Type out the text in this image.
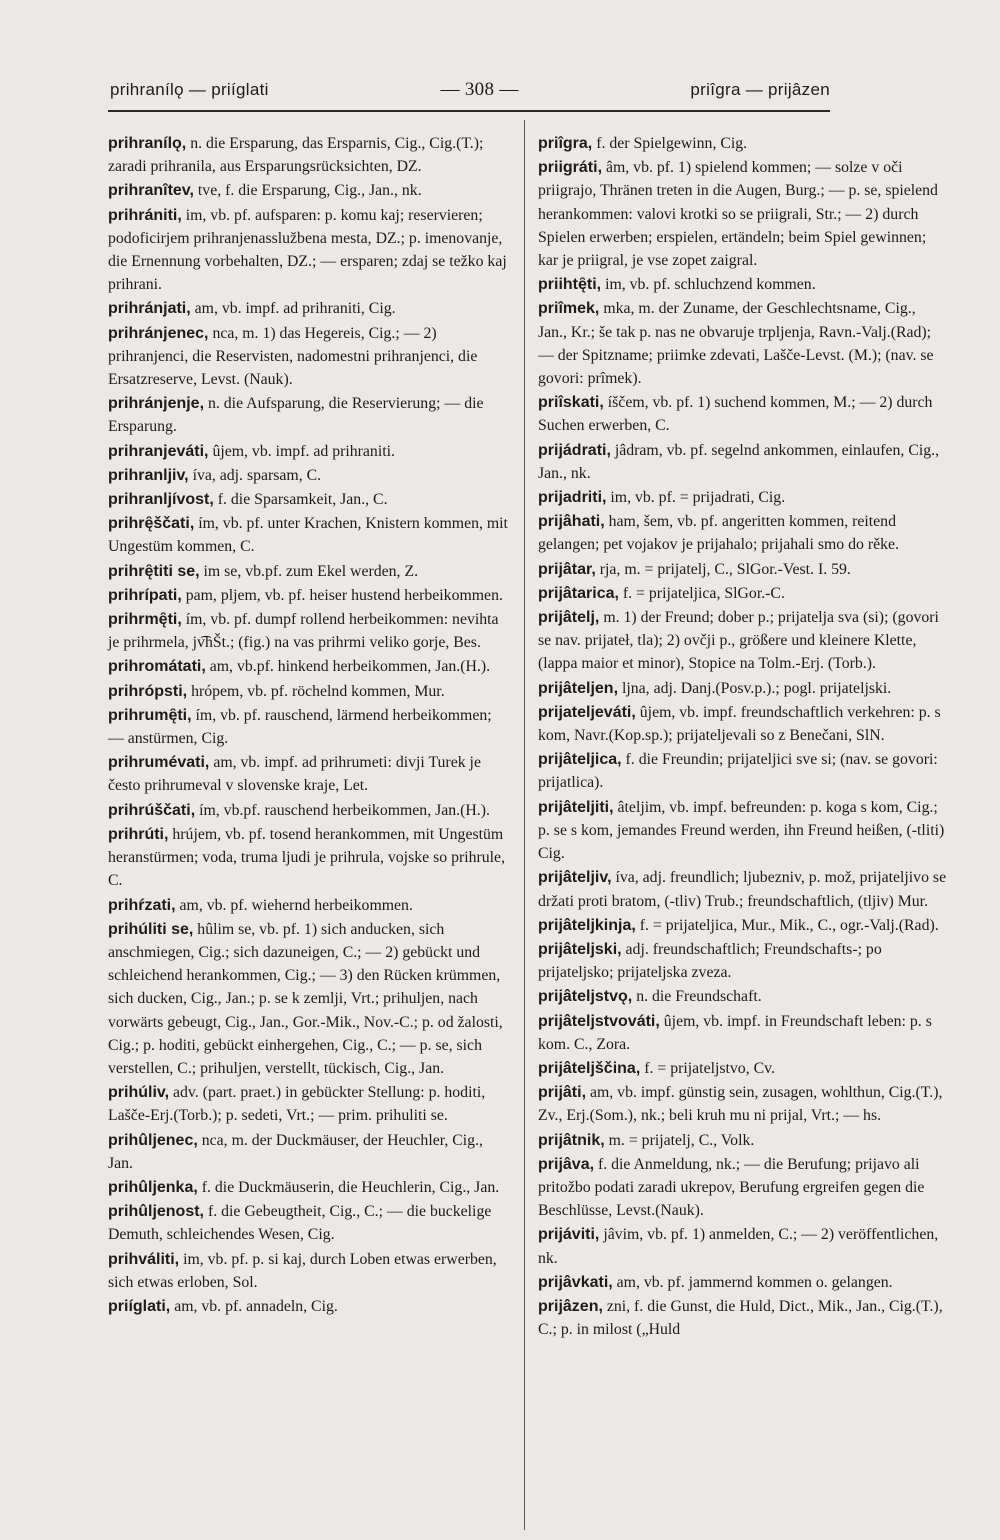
prihranílǫ — priíglati	— 308 —	priîgra — prijâzen
prihranílǫ, n. die Ersparung, das Ersparnis, Cig., Cig.(T.); zaradi prihranila, aus Ersparungsrücksichten, DZ.
prihranîtev, tve, f. die Ersparung, Cig., Jan., nk.
prihrániti, im, vb. pf. aufsparen: p. komu kaj; reservieren; podoficirjem prihranjenasslužbena mesta, DZ.; p. imenovanje, die Ernennung vorbehalten, DZ.; — ersparen; zdaj se težko kaj prihrani.
prihránjati, am, vb. impf. ad prihraniti, Cig.
prihránjenec, nca, m. 1) das Hegereis, Cig.; — 2) prihranjenci, die Reservisten, nadomestni prihranjenci, die Ersatzreserve, Levst. (Nauk).
prihránjenje, n. die Aufsparung, die Reservierung; — die Ersparung.
prihranjeváti, ûjem, vb. impf. ad prihraniti.
prihranljiv, íva, adj. sparsam, C.
prihranljívost, f. die Sparsamkeit, Jan., C.
prihrę̑ščati, ím, vb. pf. unter Krachen, Knistern kommen, mit Ungestüm kommen, C.
prihrę̑titi se, im se, vb.pf. zum Ekel werden, Z.
prihrípati, pam, pljem, vb. pf. heiser hustend herbeikommen.
prihrmę̑ti, ím, vb. pf. dumpf rollend herbeikommen: nevihta je prihrmela, jv͡hŠt.; (fig.) na vas prihrmi veliko gorje, Bes.
prihromátati, am, vb.pf. hinkend herbeikommen, Jan.(H.).
prihrópsti, hrópem, vb. pf. röchelnd kommen, Mur.
prihrumę̑ti, ím, vb. pf. rauschend, lärmend herbeikommen; — anstürmen, Cig.
prihrumévati, am, vb. impf. ad prihrumeti: divji Turek je često prihrumeval v slovenske kraje, Let.
prihrúščati, ím, vb.pf. rauschend herbeikommen, Jan.(H.).
prihrúti, hrújem, vb. pf. tosend herankommen, mit Ungestüm heranstürmen; voda, truma ljudi je prihrula, vojske so prihrule, C.
prihŕzati, am, vb. pf. wiehernd herbeikommen.
prihúliti se, hûlim se, vb. pf. 1) sich anducken, sich anschmiegen, Cig.; sich dazuneigen, C.; — 2) gebückt und schleichend herankommen, Cig.; — 3) den Rücken krümmen, sich ducken, Cig., Jan.; p. se k zemlji, Vrt.; prihuljen, nach vorwärts gebeugt, Cig., Jan., Gor.-Mik., Nov.-C.; p. od žalosti, Cig.; p. hoditi, gebückt einhergehen, Cig., C.; — p. se, sich verstellen, C.; prihuljen, verstellt, tückisch, Cig., Jan.
prihúliv, adv. (part. praet.) in gebückter Stellung: p. hoditi, Lašče-Erj.(Torb.); p. sedeti, Vrt.; — prim. prihuliti se.
prihûljenec, nca, m. der Duckmäuser, der Heuchler, Cig., Jan.
prihûljenka, f. die Duckmäuserin, die Heuchlerin, Cig., Jan.
prihûljenost, f. die Gebeugtheit, Cig., C.; — die buckelige Demuth, schleichendes Wesen, Cig.
prihváliti, im, vb. pf. p. si kaj, durch Loben etwas erwerben, sich etwas erloben, Sol.
priíglati, am, vb. pf. annadeln, Cig.
priîgra, f. der Spielgewinn, Cig.
priigráti, âm, vb. pf. 1) spielend kommen; — solze v oči priigrajo, Thränen treten in die Augen, Burg.; — p. se, spielend herankommen: valovi krotki so se priigrali, Str.; — 2) durch Spielen erwerben; erspielen, ertändeln; beim Spiel gewinnen; kar je priigral, je vse zopet zaigral.
priihtę̑ti, im, vb. pf. schluchzend kommen.
priîmek, mka, m. der Zuname, der Geschlechtsname, Cig., Jan., Kr.; še tak p. nas ne obvaruje trpljenja, Ravn.-Valj.(Rad); — der Spitzname; priimke zdevati, Lašče-Levst. (M.); (nav. se govori: prîmek).
priîskati, íščem, vb. pf. 1) suchend kommen, M.; — 2) durch Suchen erwerben, C.
prijádrati, jâdram, vb. pf. segelnd ankommen, einlaufen, Cig., Jan., nk.
prijadriti, im, vb. pf. = prijadrati, Cig.
prijâhati, ham, šem, vb. pf. angeritten kommen, reitend gelangen; pet vojakov je prijahalo; prijahali smo do rěke.
prijâtar, rja, m. = prijatelj, C., SlGor.-Vest. I. 59.
prijâtarica, f. = prijateljica, SlGor.-C.
prijâtelj, m. 1) der Freund; dober p.; prijatelja sva (si); (govori se nav. prijateł, tla); 2) ovčji p., größere und kleinere Klette, (lappa maior et minor), Stopice na Tolm.-Erj. (Torb.).
prijâteljen, ljna, adj. Danj.(Posv.p.).; pogl. prijateljski.
prijateljeváti, ûjem, vb. impf. freundschaftlich verkehren: p. s kom, Navr.(Kop.sp.); prijateljevali so z Benečani, SlN.
prijâteljica, f. die Freundin; prijateljici sve si; (nav. se govori: prijatlica).
prijâteljiti, âteljim, vb. impf. befreunden: p. koga s kom, Cig.; p. se s kom, jemandes Freund werden, ihn Freund heißen, (-tliti) Cig.
prijâteljiv, íva, adj. freundlich; ljubezniv, p. mož, prijateljivo se držati proti bratom, (-tliv) Trub.; freundschaftlich, (tljiv) Mur.
prijâteljkinja, f. = prijateljica, Mur., Mik., C., ogr.-Valj.(Rad).
prijâteljski, adj. freundschaftlich; Freundschafts-; po prijateljsko; prijateljska zveza.
prijâteljstvǫ, n. die Freundschaft.
prijâteljstvováti, ûjem, vb. impf. in Freundschaft leben: p. s kom. C., Zora.
prijâteljščina, f. = prijateljstvo, Cv.
prijâti, am, vb. impf. günstig sein, zusagen, wohlthun, Cig.(T.), Zv., Erj.(Som.), nk.; beli kruh mu ni prijal, Vrt.; — hs.
prijâtnik, m. = prijatelj, C., Volk.
prijâva, f. die Anmeldung, nk.; — die Berufung; prijavo ali pritožbo podati zaradi ukrepov, Berufung ergreifen gegen die Beschlüsse, Levst.(Nauk).
prijáviti, jâvim, vb. pf. 1) anmelden, C.; — 2) veröffentlichen, nk.
prijâvkati, am, vb. pf. jammernd kommen o. gelangen.
prijâzen, zni, f. die Gunst, die Huld, Dict., Mik., Jan., Cig.(T.), C.; p. in milost („Huld
